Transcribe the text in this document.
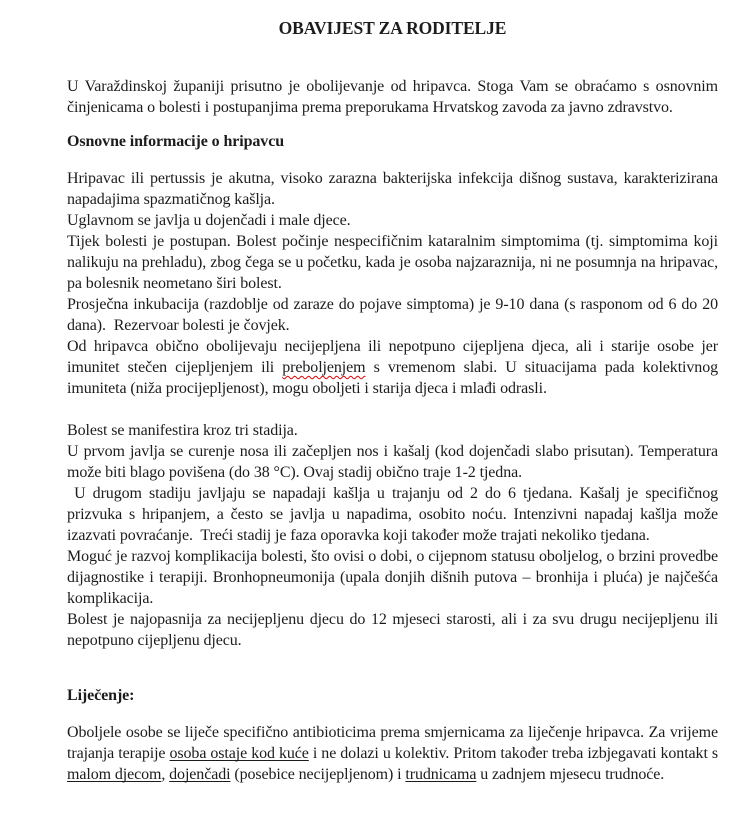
OBAVIJEST ZA RODITELJE

U Varaždinskoj županiji prisutno je obolijevanje od hripavca. Stoga Vam se obraćamo s osnovnim činjenicama o bolesti i postupanjima prema preporukama Hrvatskog zavoda za javno zdravstvo.

Osnovne informacije o hripavcu

Hripavac ili pertussis je akutna, visoko zarazna bakterijska infekcija dišnog sustava, karakterizirana napadajima spazmatičnog kašlja.

Uglavnom se javlja u dojenčadi i male djece.

Tijek bolesti je postupan. Bolest počinje nespecifičnim kataralnim simptomima (tj. simptomima koji nalikuju na prehladu), zbog čega se u početku, kada je osoba najzaraznija, ni ne posumnja na hripavac, pa bolesnik neometano širi bolest.

Prosječna inkubacija (razdoblje od zaraze do pojave simptoma) je 9-10 dana (s rasponom od 6 do 20 dana).  Rezervoar bolesti je čovjek.

Od hripavca obično obolijevaju necijepljena ili nepotpuno cijepljena djeca, ali i starije osobe jer imunitet stečen cijepljenjem ili preboljenjem s vremenom slabi. U situacijama pada kolektivnog imuniteta (niža procijepljenost), mogu oboljeti i starija djeca i mlađi odrasli.

Bolest se manifestira kroz tri stadija.

U prvom javlja se curenje nosa ili začepljen nos i kašalj (kod dojenčadi slabo prisutan). Temperatura može biti blago povišena (do 38 °C). Ovaj stadij obično traje 1-2 tjedna.

U drugom stadiju javljaju se napadaji kašlja u trajanju od 2 do 6 tjedana. Kašalj je specifičnog prizvuka s hripanjem, a često se javlja u napadima, osobito noću. Intenzivni napadaj kašlja može izazvati povraćanje.  Treći stadij je faza oporavka koji također može trajati nekoliko tjedana.

Moguć je razvoj komplikacija bolesti, što ovisi o dobi, o cijepnom statusu oboljelog, o brzini provedbe dijagnostike i terapiji. Bronhopneumonija (upala donjih dišnih putova – bronhija i pluća) je najčešća komplikacija.

Bolest je najopasnija za necijepljenu djecu do 12 mjeseci starosti, ali i za svu drugu necijepljenu ili nepotpuno cijepljenu djecu.

Liječenje:

Oboljele osobe se liječe specifično antibioticima prema smjernicama za liječenje hripavca. Za vrijeme trajanja terapije osoba ostaje kod kuće i ne dolazi u kolektiv. Pritom također treba izbjegavati kontakt s malom djecom, dojenčadi (posebice necijepljenom) i trudnicama u zadnjem mjesecu trudnoće.
